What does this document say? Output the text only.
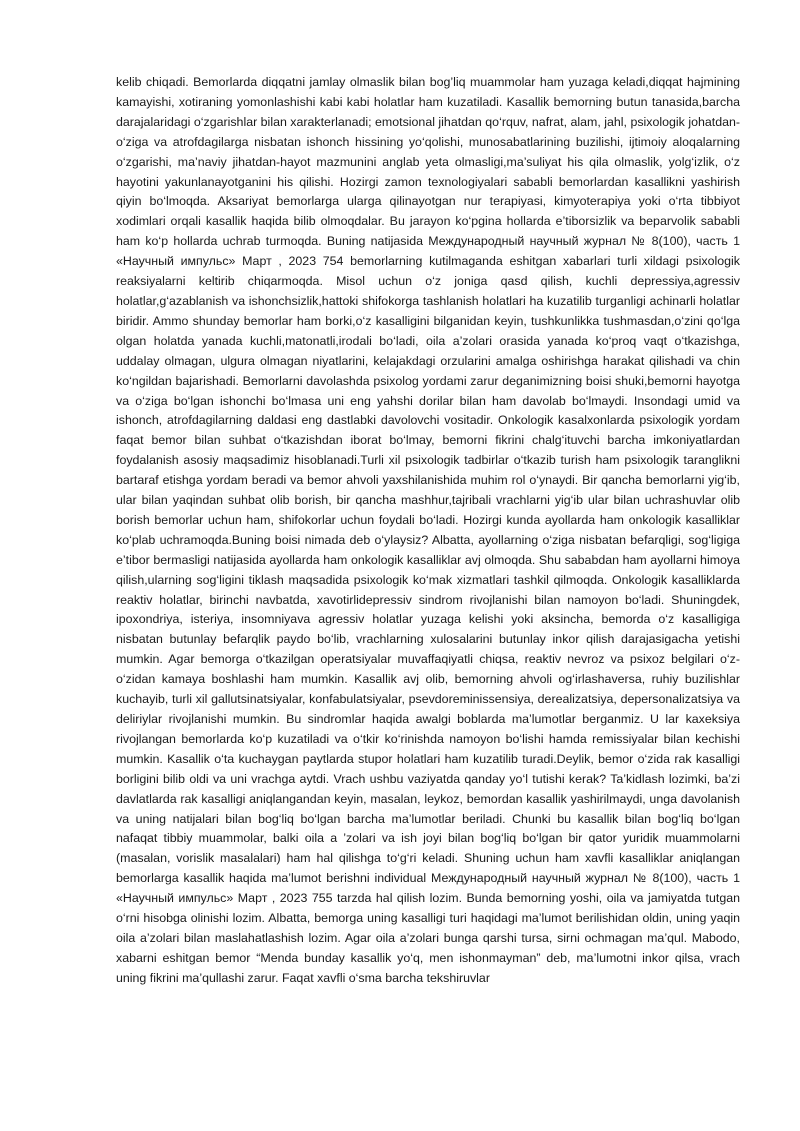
kelib chiqadi. Bemorlarda diqqatni jamlay olmaslik bilan bog’liq muammolar ham yuzaga keladi,diqqat hajmining kamayishi, xotiraning yomonlashishi kabi kabi holatlar ham kuzatiladi. Kasallik bemorning butun tanasida,barcha darajalaridagi o‘zgarishlar bilan xarakterlanadi; emotsional jihatdan qo‘rquv, nafrat, alam, jahl, psixologik johatdan-o‘ziga va atrofdagilarga nisbatan ishonch hissining yo‘qolishi, munosabatlarining buzilishi, ijtimoiy aloqalarning o‘zgarishi, ma’naviy jihatdan-hayot mazmunini anglab yeta olmasligi,ma’suliyat his qila olmaslik, yolg‘izlik, o‘z hayotini yakunlanayotganini his qilishi. Hozirgi zamon texnologiyalari sababli bemorlardan kasallikni yashirish qiyin bo‘lmoqda. Aksariyat bemorlarga ularga qilinayotgan nur terapiyasi, kimyoterapiya yoki o‘rta tibbiyot xodimlari orqali kasallik haqida bilib olmoqdalar. Bu jarayon ko‘pgina hollarda e’tiborsizlik va beparvolik sababli ham ko‘p hollarda uchrab turmoqda. Buning natijasida Международный научный журнал № 8(100), часть 1 «Научный импульс» Март , 2023 754 bemorlarning kutilmaganda eshitgan xabarlari turli xildagi psixologik reaksiyalarni keltirib chiqarmoqda. Misol uchun o‘z joniga qasd qilish, kuchli depressiya,agressiv holatlar,g‘azablanish va ishonchsizlik,hattoki shifokorga tashlanish holatlari ha kuzatilib turganligi achinarli holatlar biridir. Ammo shunday bemorlar ham borki,o‘z kasalligini bilganidan keyin, tushkunlikka tushmasdan,o‘zini qo‘lga olgan holatda yanada kuchli,matonatli,irodali bo‘ladi, oila a’zolari orasida yanada ko‘proq vaqt o‘tkazishga, uddalay olmagan, ulgura olmagan niyatlarini, kelajakdagi orzularini amalga oshirishga harakat qilishadi va chin ko‘ngildan bajarishadi. Bemorlarni davolashda psixolog yordami zarur deganimizning boisi shuki,bemorni hayotga va o‘ziga bo‘lgan ishonchi bo‘lmasa uni eng yahshi dorilar bilan ham davolab bo‘lmaydi. Insondagi umid va ishonch, atrofdagilarning daldasi eng dastlabki davolovchi vositadir. Onkologik kasalxonlarda psixologik yordam faqat bemor bilan suhbat o‘tkazishdan iborat bo‘lmay, bemorni fikrini chalg‘ituvchi barcha imkoniyatlardan foydalanish asosiy maqsadimiz hisoblanadi.Turli xil psixologik tadbirlar o‘tkazib turish ham psixologik taranglikni bartaraf etishga yordam beradi va bemor ahvoli yaxshilanishida muhim rol o‘ynaydi. Bir qancha bemorlarni yig‘ib, ular bilan yaqindan suhbat olib borish, bir qancha mashhur,tajribali vrachlarni yig‘ib ular bilan uchrashuvlar olib borish bemorlar uchun ham, shifokorlar uchun foydali bo‘ladi. Hozirgi kunda ayollarda ham onkologik kasalliklar ko‘plab uchramoqda.Buning boisi nimada deb o‘ylaysiz? Albatta, ayollarning o‘ziga nisbatan befarqligi, sog‘ligiga e’tibor bermasligi natijasida ayollarda ham onkologik kasalliklar avj olmoqda. Shu sababdan ham ayollarni himoya qilish,ularning sog‘ligini tiklash maqsadida psixologik ko‘mak xizmatlari tashkil qilmoqda. Onkologik kasalliklarda reaktiv holatlar, birinchi navbatda, xavotirlidepressiv sindrom rivojlanishi bilan namoyon bo‘ladi. Shuningdek, ipoxondriya, isteriya, insomniyava agressiv holatlar yuzaga kelishi yoki aksincha, bemorda o‘z kasalligiga nisbatan butunlay befarqlik paydo bo‘lib, vrachlarning xulosalarini butunlay inkor qilish darajasigacha yetishi mumkin. Agar bemorga o‘tkazilgan operatsiyalar muvaffaqiyatli chiqsa, reaktiv nevroz va psixoz belgilari o‘z-o‘zidan kamaya boshlashi ham mumkin. Kasallik avj olib, bemorning ahvoli og‘irlashaversa, ruhiy buzilishlar kuchayib, turli xil gallutsinatsiyalar, konfabulatsiyalar, psevdoreminissensiya, derealizatsiya, depersonalizatsiya va deliriylar rivojlanishi mumkin. Bu sindromlar haqida awalgi boblarda ma’lumotlar berganmiz. U lar kaxeksiya rivojlangan bemorlarda ko‘p kuzatiladi va o‘tkir ko‘rinishda namoyon bo‘lishi hamda remissiyalar bilan kechishi mumkin. Kasallik o‘ta kuchaygan paytlarda stupor holatlari ham kuzatilib turadi.Deylik, bemor o‘zida rak kasalligi borligini bilib oldi va uni vrachga aytdi. Vrach ushbu vaziyatda qanday yo‘l tutishi kerak? Ta’kidlash lozimki, ba’zi davlatlarda rak kasalligi aniqlangandan keyin, masalan, leykoz, bemordan kasallik yashirilmaydi, unga davolanish va uning natijalari bilan bog‘liq bo‘lgan barcha ma’lumotlar beriladi. Chunki bu kasallik bilan bog‘liq bo‘lgan nafaqat tibbiy muammolar, balki oila a ’zolari va ish joyi bilan bog‘liq bo‘lgan bir qator yuridik muammolarni (masalan, vorislik masalalari) ham hal qilishga to‘g‘ri keladi. Shuning uchun ham xavfli kasalliklar aniqlangan bemorlarga kasallik haqida ma’lumot berishni individual Международный научный журнал № 8(100), часть 1 «Научный импульс» Март , 2023 755 tarzda hal qilish lozim. Bunda bemorning yoshi, oila va jamiyatda tutgan o‘rni hisobga olinishi lozim. Albatta, bemorga uning kasalligi turi haqidagi ma’lumot berilishidan oldin, uning yaqin oila a’zolari bilan maslahatlashish lozim. Agar oila a’zolari bunga qarshi tursa, sirni ochmagan ma’qul. Mabodo, xabarni eshitgan bemor “Menda bunday kasallik yo‘q, men ishonmayman” deb, ma’lumotni inkor qilsa, vrach uning fikrini ma’qullashi zarur. Faqat xavfli o‘sma barcha tekshiruvlar
